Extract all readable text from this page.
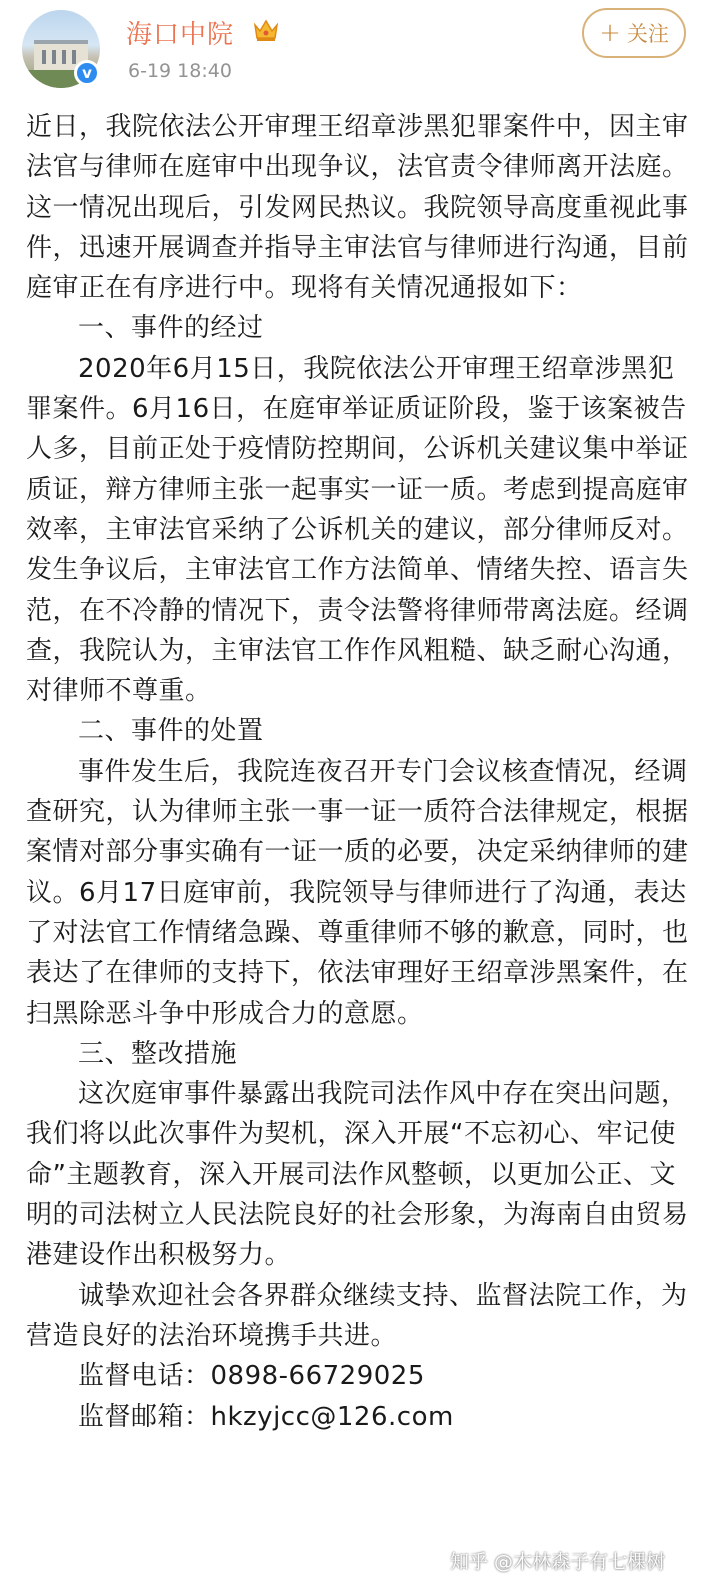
v
海口中院
6-19 18:40
+ 关注

近日，我院依法公开审理王绍章涉黑犯罪案件中，因主审法官与律师在庭审中出现争议，法官责令律师离开法庭。这一情况出现后，引发网民热议。我院领导高度重视此事件，迅速开展调查并指导主审法官与律师进行沟通，目前庭审正在有序进行中。现将有关情况通报如下：

一、事件的经过

2020年6月15日，我院依法公开审理王绍章涉黑犯罪案件。6月16日，在庭审举证质证阶段，鉴于该案被告人多，目前正处于疫情防控期间，公诉机关建议集中举证质证，辩方律师主张一起事实一证一质。考虑到提高庭审效率，主审法官采纳了公诉机关的建议，部分律师反对。发生争议后，主审法官工作方法简单、情绪失控、语言失范，在不冷静的情况下，责令法警将律师带离法庭。经调查，我院认为，主审法官工作作风粗糙、缺乏耐心沟通，对律师不尊重。

二、事件的处置

事件发生后，我院连夜召开专门会议核查情况，经调查研究，认为律师主张一事一证一质符合法律规定，根据案情对部分事实确有一证一质的必要，决定采纳律师的建议。6月17日庭审前，我院领导与律师进行了沟通，表达了对法官工作情绪急躁、尊重律师不够的歉意，同时，也表达了在律师的支持下，依法审理好王绍章涉黑案件，在扫黑除恶斗争中形成合力的意愿。

三、整改措施

这次庭审事件暴露出我院司法作风中存在突出问题，我们将以此次事件为契机，深入开展“不忘初心、牢记使命”主题教育，深入开展司法作风整顿，以更加公正、文明的司法树立人民法院良好的社会形象，为海南自由贸易港建设作出积极努力。

诚挚欢迎社会各界群众继续支持、监督法院工作，为营造良好的法治环境携手共进。

监督电话：0898-66729025

监督邮箱：hkzyjcc@126.com

知乎 @木林森子有七棵树
